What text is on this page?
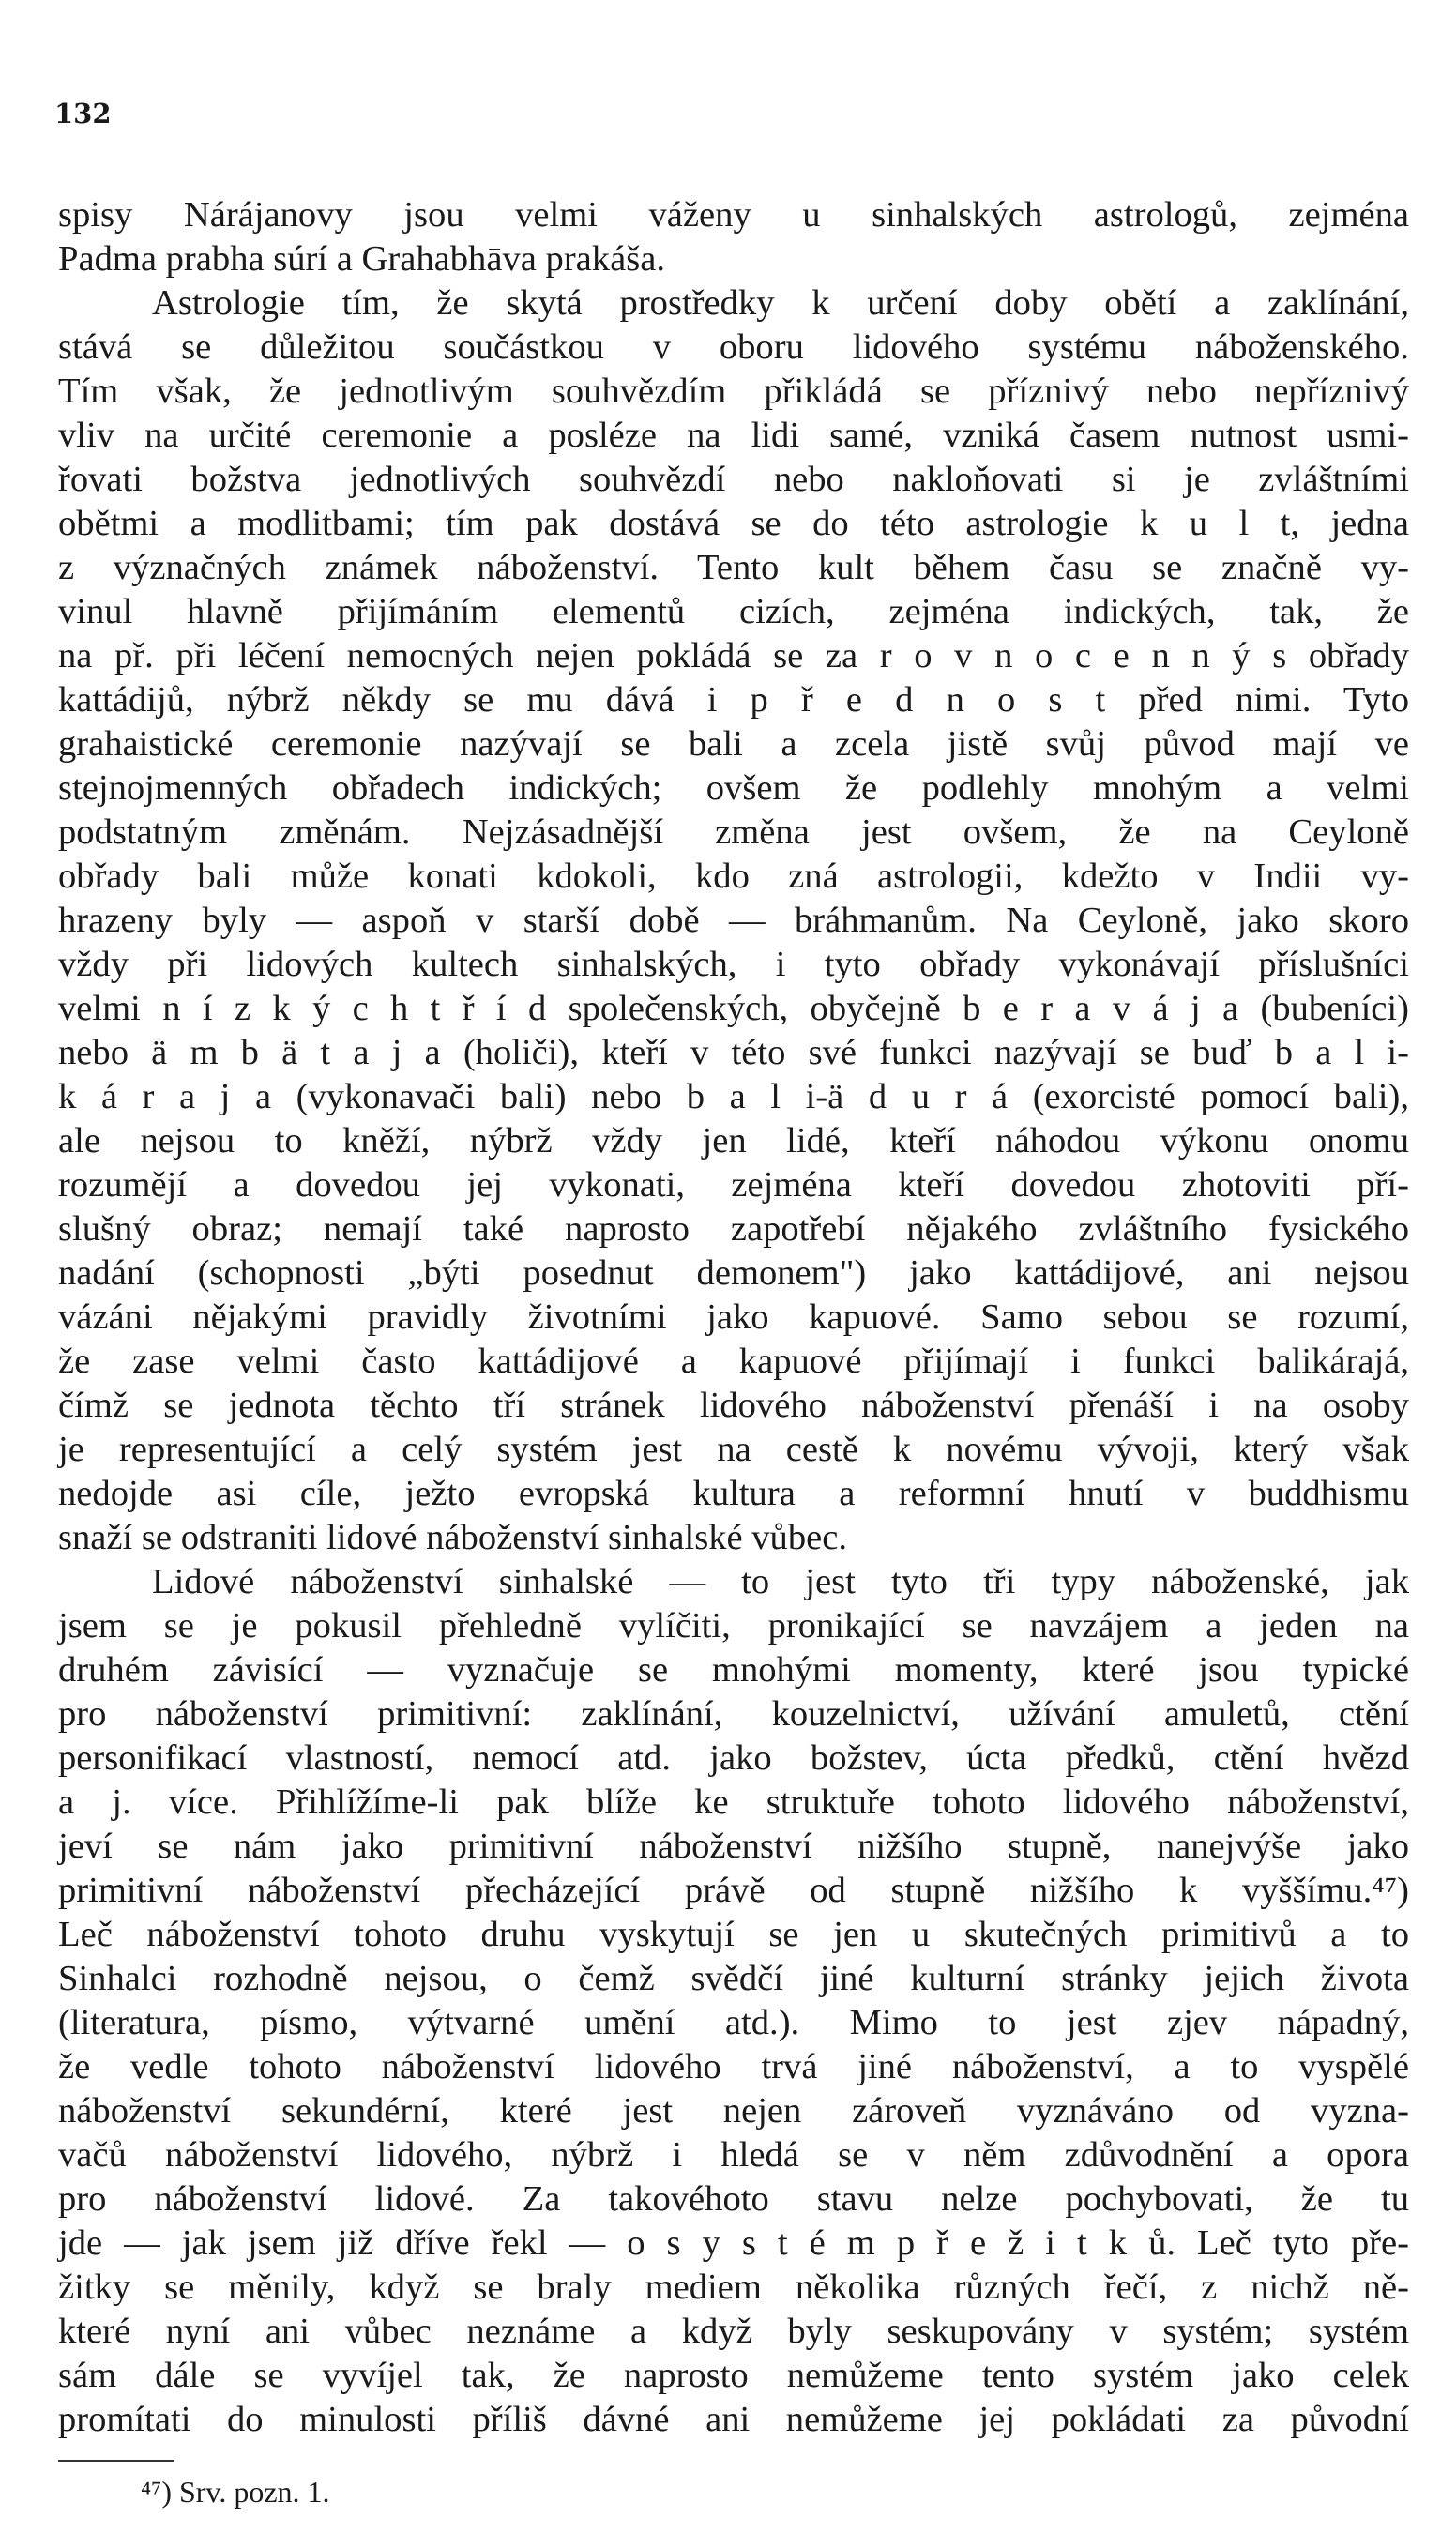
132
spisy Nárájanovy jsou velmi váženy u sinhalských astrologů, zejména
Padma prabha súrí a Grahabhāva prakáša.
Astrologie tím, že skytá prostředky k určení doby obětí a zaklínání,
stává se důležitou součástkou v oboru lidového systému náboženského.
Tím však, že jednotlivým souhvězdím přikládá se příznivý nebo nepříznivý
vliv na určité ceremonie a posléze na lidi samé, vzniká časem nutnost usmi-
řovati božstva jednotlivých souhvězdí nebo nakloňovati si je zvláštními
obětmi a modlitbami; tím pak dostává se do této astrologie k u l t, jedna
z význačných známek náboženství. Tento kult během času se značně vy-
vinul hlavně přijímáním elementů cizích, zejména indických, tak, že
na př. při léčení nemocných nejen pokládá se za r o v n o c e n n ý s obřady
kattádijů, nýbrž někdy se mu dává i p ř e d n o s t před nimi. Tyto
grahaistické ceremonie nazývají se bali a zcela jistě svůj původ mají ve
stejnojmenných obřadech indických; ovšem že podlehly mnohým a velmi
podstatným změnám. Nejzásadnější změna jest ovšem, že na Ceyloně
obřady bali může konati kdokoli, kdo zná astrologii, kdežto v Indii vy-
hrazeny byly — aspoň v starší době — bráhmanům. Na Ceyloně, jako skoro
vždy při lidových kultech sinhalských, i tyto obřady vykonávají příslušníci
velmi n í z k ý c h t ř í d společenských, obyčejně b e r a v á j a (bubeníci)
nebo ä m b ä t a j a (holiči), kteří v této své funkci nazývají se buď b a l i-
k á r a j a (vykonavači bali) nebo b a l i-ä d u r á (exorcisté pomocí bali),
ale nejsou to kněží, nýbrž vždy jen lidé, kteří náhodou výkonu onomu
rozumějí a dovedou jej vykonati, zejména kteří dovedou zhotoviti pří-
slušný obraz; nemají také naprosto zapotřebí nějakého zvláštního fysického
nadání (schopnosti „býti posednut demonem") jako kattádijové, ani nejsou
vázáni nějakými pravidly životními jako kapuové. Samo sebou se rozumí,
že zase velmi často kattádijové a kapuové přijímají i funkci balikárajá,
čímž se jednota těchto tří stránek lidového náboženství přenáší i na osoby
je representující a celý systém jest na cestě k novému vývoji, který však
nedojde asi cíle, ježto evropská kultura a reformní hnutí v buddhismu
snaží se odstraniti lidové náboženství sinhalské vůbec.
Lidové náboženství sinhalské — to jest tyto tři typy náboženské, jak
jsem se je pokusil přehledně vylíčiti, pronikající se navzájem a jeden na
druhém závisící — vyznačuje se mnohými momenty, které jsou typické
pro náboženství primitivní: zaklínání, kouzelnictví, užívání amuletů, ctění
personifikací vlastností, nemocí atd. jako božstev, úcta předků, ctění hvězd
a j. více. Přihlížíme-li pak blíže ke struktuře tohoto lidového náboženství,
jeví se nám jako primitivní náboženství nižšího stupně, nanejvýše jako
primitivní náboženství přecházející právě od stupně nižšího k vyššímu.⁴⁷)
Leč náboženství tohoto druhu vyskytují se jen u skutečných primitivů a to
Sinhalci rozhodně nejsou, o čemž svědčí jiné kulturní stránky jejich života
(literatura, písmo, výtvarné umění atd.). Mimo to jest zjev nápadný,
že vedle tohoto náboženství lidového trvá jiné náboženství, a to vyspělé
náboženství sekundérní, které jest nejen zároveň vyznáváno od vyzna-
vačů náboženství lidového, nýbrž i hledá se v něm zdůvodnění a opora
pro náboženství lidové. Za takovéhoto stavu nelze pochybovati, že tu
jde — jak jsem již dříve řekl — o s y s t é m p ř e ž i t k ů. Leč tyto pře-
žitky se měnily, když se braly mediem několika různých řečí, z nichž ně-
které nyní ani vůbec neznáme a když byly seskupovány v systém; systém
sám dále se vyvíjel tak, že naprosto nemůžeme tento systém jako celek
promítati do minulosti příliš dávné ani nemůžeme jej pokládati za původní
⁴⁷) Srv. pozn. 1.
